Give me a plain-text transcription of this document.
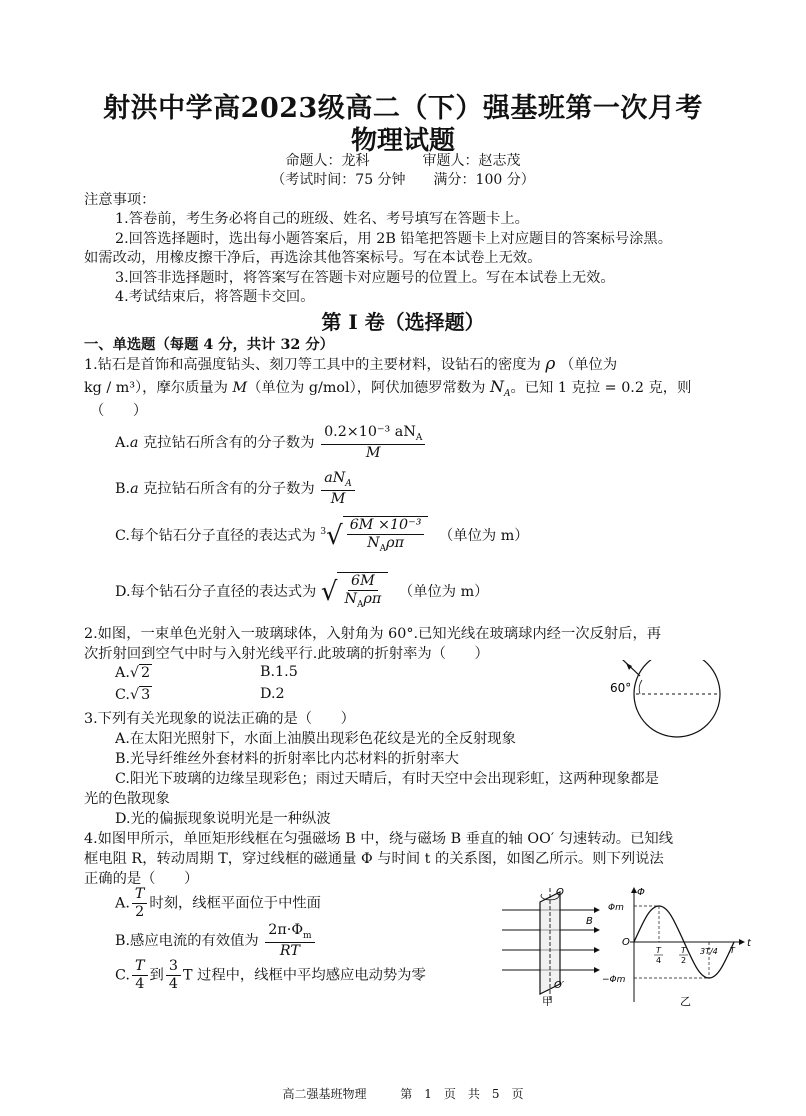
射洪中学高2023级高二（下）强基班第一次月考
物理试题
命题人：龙科	审题人：赵志茂
（考试时间：75 分钟　　满分：100 分）
注意事项：
1.答卷前，考生务必将自己的班级、姓名、考号填写在答题卡上。
2.回答选择题时，选出每小题答案后，用 2B 铅笔把答题卡上对应题目的答案标号涂黑。
如需改动，用橡皮擦干净后，再选涂其他答案标号。写在本试卷上无效。
3.回答非选择题时，将答案写在答题卡对应题号的位置上。写在本试卷上无效。
4.考试结束后，将答题卡交回。
第 I 卷（选择题）
一、单选题（每题 4 分，共计 32 分）
1.钻石是首饰和高强度钻头、刻刀等工具中的主要材料，设钻石的密度为 ρ （单位为
kg / m³），摩尔质量为 M（单位为 g/mol），阿伏加德罗常数为 $N_A$。已知 1 克拉 = 0.2 克，则
（　　）
A.a 克拉钻石所含有的分子数为 $\frac{0.2\times 10^{-3} aN_A}{M}$
B.a 克拉钻石所含有的分子数为 $\frac{aN_A}{M}$
C.每个钻石分子直径的表达式为 $^3√ \frac{\text{6M ×10⁻³}}{N_A\rho\pi}$ （单位为 m）
D.每个钻石分子直径的表达式为 √ $\frac{6M}{N_A\rho\pi}$ （单位为 m）
2.如图，一束单色光射入一玻璃球体，入射角为 60°.已知光线在玻璃球内经一次反射后，再
次折射回到空气中时与入射光线平行.此玻璃的折射率为（　　）
A.√ 2	B.1.5
C.√ 3	D.2	60°
3.下列有关光现象的说法正确的是（　　）
A.在太阳光照射下，水面上油膜出现彩色花纹是光的全反射现象
B.光导纤维丝外套材料的折射率比内芯材料的折射率大
C.阳光下玻璃的边缘呈现彩色；雨过天晴后，有时天空中会出现彩虹，这两种现象都是
光的色散现象
D.光的偏振现象说明光是一种纵波
4.如图甲所示，单匝矩形线框在匀强磁场 B 中，绕与磁场 B 垂直的轴 OO′ 匀速转动。已知线
框电阻 R，转动周期 T，穿过线框的磁通量 Φ 与时间 t 的关系图，如图乙所示。则下列说法
正确的是（　　）
A. $\frac{T}{2}$ 时刻，线框平面位于中性面
B.感应电流的有效值为 $\frac{2\pi\cdot\Phi_m}{RT}$
C. $\frac{T}{4}$ 到 $\frac{3}{4}$ T 过程中，线框中平均感应电动势为零
O
B
O′
甲
Φ
Φm
−Φm
O	t
T
4
T
2
3T/4 T
乙
高二强基班物理	第　1　页　共　5　页
